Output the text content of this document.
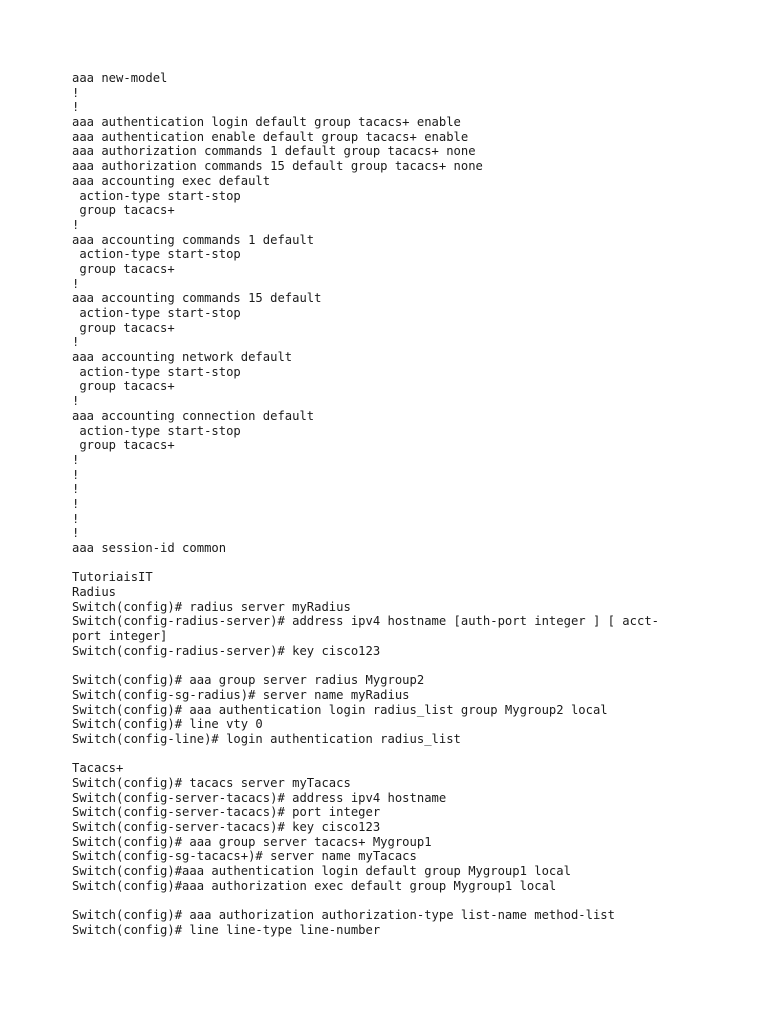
aaa new-model
!
!
aaa authentication login default group tacacs+ enable
aaa authentication enable default group tacacs+ enable
aaa authorization commands 1 default group tacacs+ none
aaa authorization commands 15 default group tacacs+ none
aaa accounting exec default
action-type start-stop
group tacacs+
!
aaa accounting commands 1 default
action-type start-stop
group tacacs+
!
aaa accounting commands 15 default
action-type start-stop
group tacacs+
!
aaa accounting network default
action-type start-stop
group tacacs+
!
aaa accounting connection default
action-type start-stop
group tacacs+
!
!
!
!
!
!
aaa session-id common
TutoriaisIT
Radius
Switch(config)# radius server myRadius
Switch(config-radius-server)# address ipv4 hostname [auth-port integer ] [ acct-
port integer]
Switch(config-radius-server)# key cisco123
Switch(config)# aaa group server radius Mygroup2
Switch(config-sg-radius)# server name myRadius
Switch(config)# aaa authentication login radius_list group Mygroup2 local
Switch(config)# line vty 0
Switch(config-line)# login authentication radius_list
Tacacs+
Switch(config)# tacacs server myTacacs
Switch(config-server-tacacs)# address ipv4 hostname
Switch(config-server-tacacs)# port integer
Switch(config-server-tacacs)# key cisco123
Switch(config)# aaa group server tacacs+ Mygroup1
Switch(config-sg-tacacs+)# server name myTacacs
Switch(config)#aaa authentication login default group Mygroup1 local
Switch(config)#aaa authorization exec default group Mygroup1 local
Switch(config)# aaa authorization authorization-type list-name method-list
Switch(config)# line line-type line-number
